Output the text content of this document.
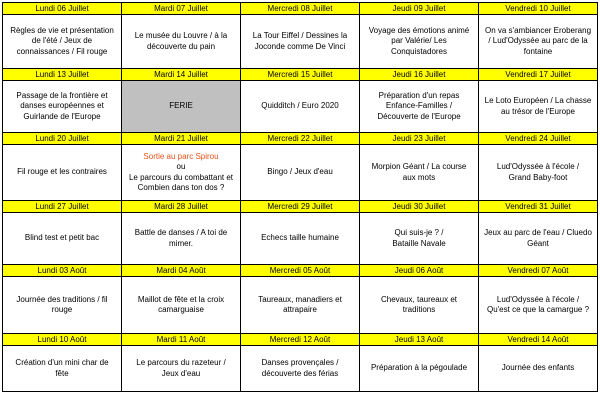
Lundi 06 Juillet	Mardi 07 Juillet	Mercredi 08 Juillet	Jeudi 09 Juillet	Vendredi 10 Juillet

Règles de vie et présentation
de l'été / Jeux de
connaissances / Fil rouge	Le musée du Louvre / à la
découverte du pain	La Tour Eiffel / Dessines la
Joconde comme De Vinci	Voyage des émotions animé
par Valérie/ Les
Conquistadores	On va s'ambiancer Eroberang
/ Lud'Odyssée au parc de la
fontaine

Lundi 13 Juillet	Mardi 14 Juillet	Mercredi 15 Juillet	Jeudi 16 Juillet	Vendredi 17 Juillet

Passage de la frontière et
danses européennes et
Guirlande de l'Europe	FERIE	Quidditch / Euro 2020	Préparation d'un repas
Enfance-Familles /
Découverte de l'Europe	Le Loto Européen / La chasse
au trésor de l'Europe

Lundi 20 Juillet	Mardi 21 Juillet	Mercredi 22 Juillet	Jeudi 23 Juillet	Vendredi 24 Juillet

Fil rouge et les contraires	Sortie au parc Spirou
ou
Le parcours du combattant et
Combien dans ton dos ?	Bingo / Jeux d'eau	Morpion Géant / La course
aux mots	Lud'Odyssée à l'école /
Grand Baby-foot

Lundi 27 Juillet	Mardi 28 Juillet	Mercredi 29 Juillet	Jeudi 30 Juillet	Vendredi 31 Juillet

Blind test et petit bac	Battle de danses / A toi de
mimer.	Echecs taille humaine	Qui suis-je ? /
Bataille Navale	Jeux au parc de l'eau / Cluedo
Géant

Lundi 03 Août	Mardi 04 Août	Mercredi 05 Août	Jeudi 06 Août	Vendredi 07 Août

Journée des traditions / fil
rouge	Maillot de fête et la croix
camarguaise	Taureaux, manadiers et
attrapaire	Chevaux, taureaux et
traditions	Lud'Odyssée à l'école /
Qu'est ce que la camargue ?

Lundi 10 Août	Mardi 11 Août	Mercredi 12 Août	Jeudi 13 Août	Vendredi 14 Août

Création d'un mini char de
fête	Le parcours du razeteur /
Jeux d'eau	Danses provençales /
découverte des férias	Préparation à la pégoulade	Journée des enfants
